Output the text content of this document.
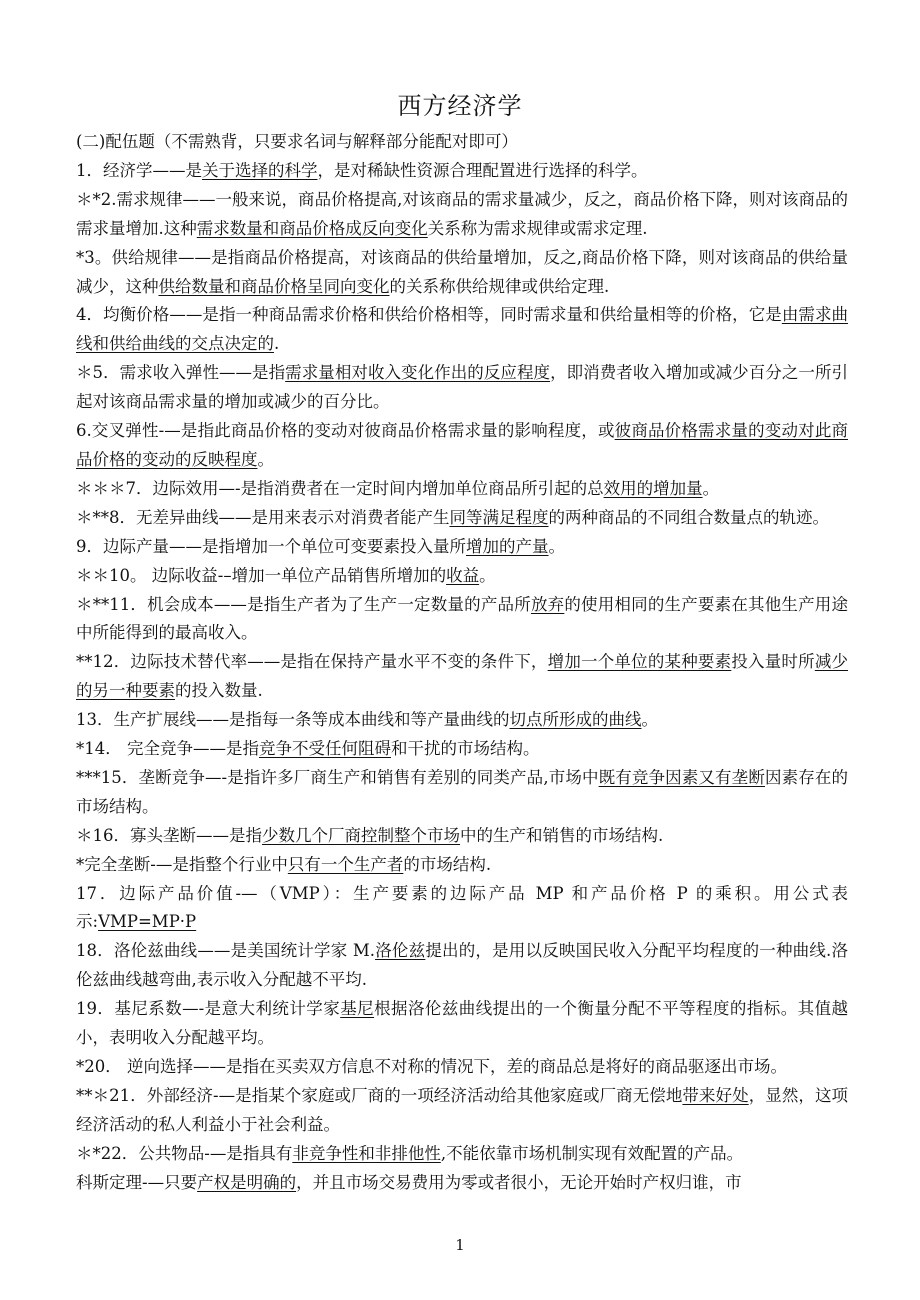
西方经济学

(二)配伍题（不需熟背，只要求名词与解释部分能配对即可）

1．经济学——是关于选择的科学，是对稀缺性资源合理配置进行选择的科学。

＊*2.需求规律——一般来说，商品价格提高,对该商品的需求量减少，反之，商品价格下降，则对该商品的需求量增加.这种需求数量和商品价格成反向变化关系称为需求规律或需求定理.

*3。供给规律——是指商品价格提高，对该商品的供给量增加，反之,商品价格下降，则对该商品的供给量减少，这种供给数量和商品价格呈同向变化的关系称供给规律或供给定理.

4．均衡价格——是指一种商品需求价格和供给价格相等，同时需求量和供给量相等的价格，它是由需求曲线和供给曲线的交点决定的.

＊5．需求收入弹性——是指需求量相对收入变化作出的反应程度，即消费者收入增加或减少百分之一所引起对该商品需求量的增加或减少的百分比。

6.交叉弹性-—是指此商品价格的变动对彼商品价格需求量的影响程度，或彼商品价格需求量的变动对此商品价格的变动的反映程度。

＊＊＊7．边际效用—-是指消费者在一定时间内增加单位商品所引起的总效用的增加量。

＊**8．无差异曲线——是用来表示对消费者能产生同等满足程度的两种商品的不同组合数量点的轨迹。

9．边际产量——是指增加一个单位可变要素投入量所增加的产量。

＊＊10。 边际收益-–增加一单位产品销售所增加的收益。

＊**11．机会成本——是指生产者为了生产一定数量的产品所放弃的使用相同的生产要素在其他生产用途中所能得到的最高收入。

**12．边际技术替代率——是指在保持产量水平不变的条件下，增加一个单位的某种要素投入量时所减少的另一种要素的投入数量.

13．生产扩展线——是指每一条等成本曲线和等产量曲线的切点所形成的曲线。

*14． 完全竞争——是指竞争不受任何阻碍和干扰的市场结构。

***15．垄断竞争—-是指许多厂商生产和销售有差别的同类产品,市场中既有竞争因素又有垄断因素存在的市场结构。

＊16．寡头垄断——是指少数几个厂商控制整个市场中的生产和销售的市场结构.

*完全垄断-—是指整个行业中只有一个生产者的市场结构.

17．边际产品价值-—（VMP）：生产要素的边际产品 MP 和产品价格 P 的乘积。用公式表示:VMP=MP·P

18．洛伦兹曲线——是美国统计学家 M.洛伦兹提出的，是用以反映国民收入分配平均程度的一种曲线.洛伦兹曲线越弯曲,表示收入分配越不平均.

19．基尼系数—-是意大利统计学家基尼根据洛伦兹曲线提出的一个衡量分配不平等程度的指标。其值越小，表明收入分配越平均。

*20． 逆向选择——是指在买卖双方信息不对称的情况下，差的商品总是将好的商品驱逐出市场。

**＊21．外部经济-—是指某个家庭或厂商的一项经济活动给其他家庭或厂商无偿地带来好处，显然，这项经济活动的私人利益小于社会利益。

＊*22．公共物品-—是指具有非竞争性和非排他性,不能依靠市场机制实现有效配置的产品。

科斯定理-—只要产权是明确的，并且市场交易费用为零或者很小，无论开始时产权归谁，市

1
